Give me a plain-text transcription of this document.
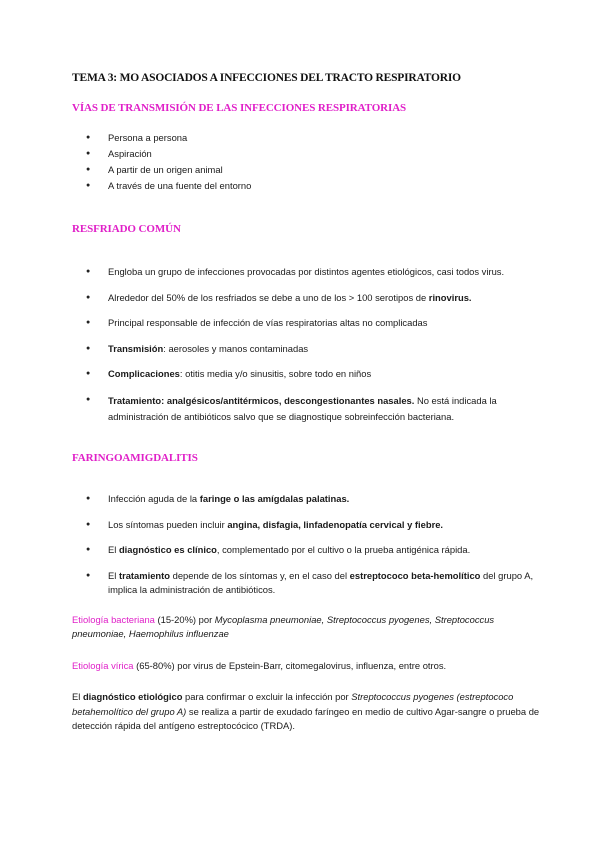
TEMA 3: MO ASOCIADOS A INFECCIONES DEL TRACTO RESPIRATORIO
VÍAS DE TRANSMISIÓN DE LAS INFECCIONES RESPIRATORIAS
● Persona a persona
● Aspiración
● A partir de un origen animal
● A través de una fuente del entorno
RESFRIADO COMÚN
● Engloba un grupo de infecciones provocadas por distintos agentes etiológicos, casi todos virus.
● Alrededor del 50% de los resfriados se debe a uno de los > 100 serotipos de rinovirus.
● Principal responsable de infección de vías respiratorias altas no complicadas
● Transmisión: aerosoles y manos contaminadas
● Complicaciones: otitis media y/o sinusitis, sobre todo en niños
● Tratamiento: analgésicos/antitérmicos, descongestionantes nasales. No está indicada la administración de antibióticos salvo que se diagnostique sobreinfección bacteriana.
FARINGOAMIGDALITIS
● Infección aguda de la faringe o las amígdalas palatinas.
● Los síntomas pueden incluir angina, disfagia, linfadenopatía cervical y fiebre.
● El diagnóstico es clínico, complementado por el cultivo o la prueba antigénica rápida.
● El tratamiento depende de los síntomas y, en el caso del estreptococo beta-hemolítico del grupo A, implica la administración de antibióticos.
Etiología bacteriana (15-20%) por Mycoplasma pneumoniae, Streptococcus pyogenes, Streptococcus pneumoniae, Haemophilus influenzae
Etiología vírica (65-80%) por virus de Epstein-Barr, citomegalovirus, influenza, entre otros.
El diagnóstico etiológico para confirmar o excluir la infección por Streptococcus pyogenes (estreptococo betahemolítico del grupo A) se realiza a partir de exudado faríngeo en medio de cultivo Agar-sangre o prueba de detección rápida del antígeno estreptocócico (TRDA).
